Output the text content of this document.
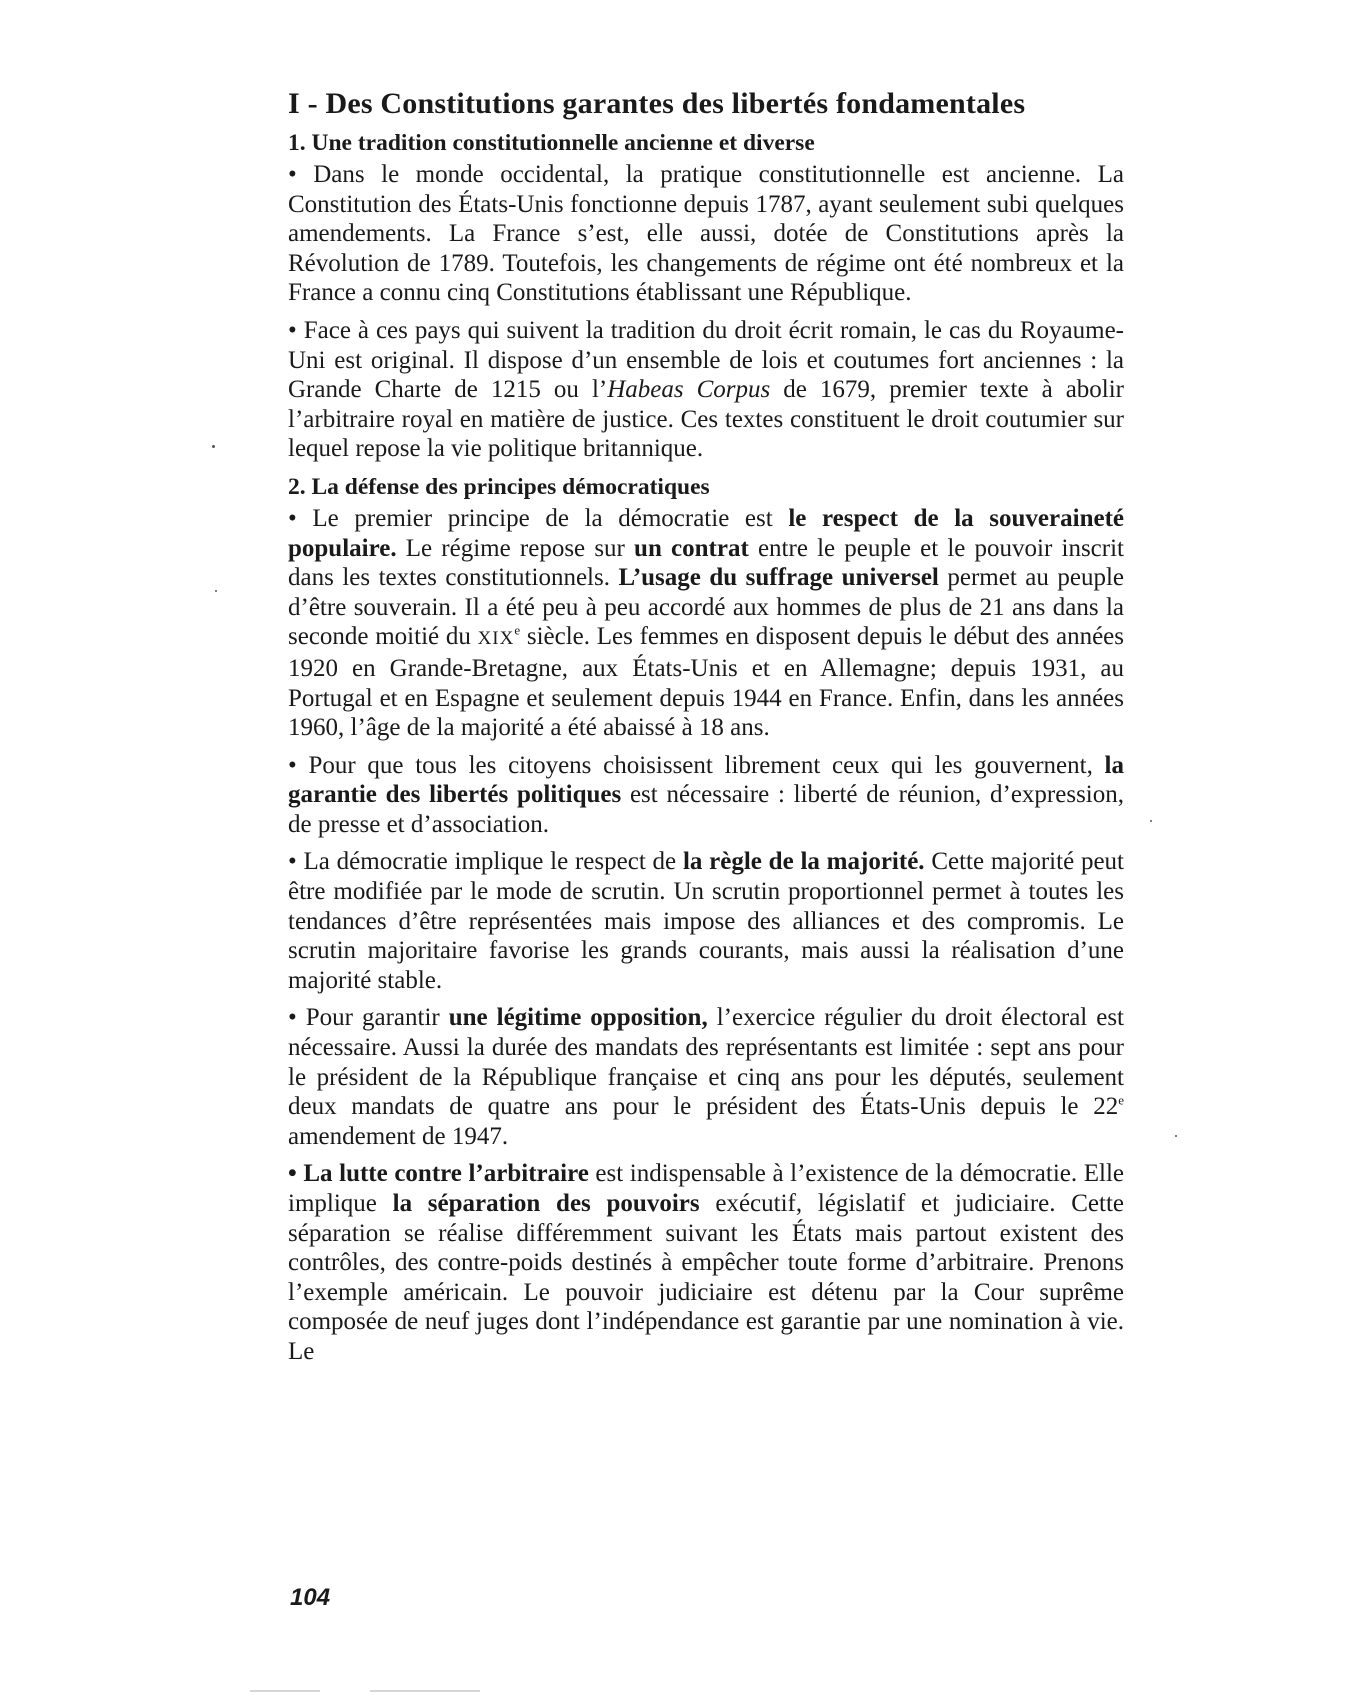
I - Des Constitutions garantes des libertés fondamentales
1. Une tradition constitutionnelle ancienne et diverse

• Dans le monde occidental, la pratique constitutionnelle est ancienne. La Constitution des États-Unis fonctionne depuis 1787, ayant seulement subi quelques amendements. La France s’est, elle aussi, dotée de Constitutions après la Révolution de 1789. Toutefois, les changements de régime ont été nombreux et la France a connu cinq Constitutions établissant une République.

• Face à ces pays qui suivent la tradition du droit écrit romain, le cas du Royaume-Uni est original. Il dispose d’un ensemble de lois et coutumes fort anciennes : la Grande Charte de 1215 ou l’Habeas Corpus de 1679, premier texte à abolir l’arbitraire royal en matière de justice. Ces textes constituent le droit coutumier sur lequel repose la vie politique britannique.

2. La défense des principes démocratiques

• Le premier principe de la démocratie est le respect de la souveraineté populaire. Le régime repose sur un contrat entre le peuple et le pouvoir inscrit dans les textes constitutionnels. L’usage du suffrage universel permet au peuple d’être souverain. Il a été peu à peu accordé aux hommes de plus de 21 ans dans la seconde moitié du XIXe siècle. Les femmes en disposent depuis le début des années 1920 en Grande-Bretagne, aux États-Unis et en Allemagne; depuis 1931, au Portugal et en Espagne et seulement depuis 1944 en France. Enfin, dans les années 1960, l’âge de la majorité a été abaissé à 18 ans.

• Pour que tous les citoyens choisissent librement ceux qui les gouvernent, la garantie des libertés politiques est nécessaire : liberté de réunion, d’expression, de presse et d’association.

• La démocratie implique le respect de la règle de la majorité. Cette majorité peut être modifiée par le mode de scrutin. Un scrutin proportionnel permet à toutes les tendances d’être représentées mais impose des alliances et des compromis. Le scrutin majoritaire favorise les grands courants, mais aussi la réalisation d’une majorité stable.

• Pour garantir une légitime opposition, l’exercice régulier du droit électoral est nécessaire. Aussi la durée des mandats des représentants est limitée : sept ans pour le président de la République française et cinq ans pour les députés, seulement deux mandats de quatre ans pour le président des États-Unis depuis le 22e amendement de 1947.

• La lutte contre l’arbitraire est indispensable à l’existence de la démocratie. Elle implique la séparation des pouvoirs exécutif, législatif et judiciaire. Cette séparation se réalise différemment suivant les États mais partout existent des contrôles, des contre-poids destinés à empêcher toute forme d’arbitraire. Prenons l’exemple américain. Le pouvoir judiciaire est détenu par la Cour suprême composée de neuf juges dont l’indépendance est garantie par une nomination à vie. Le

104
